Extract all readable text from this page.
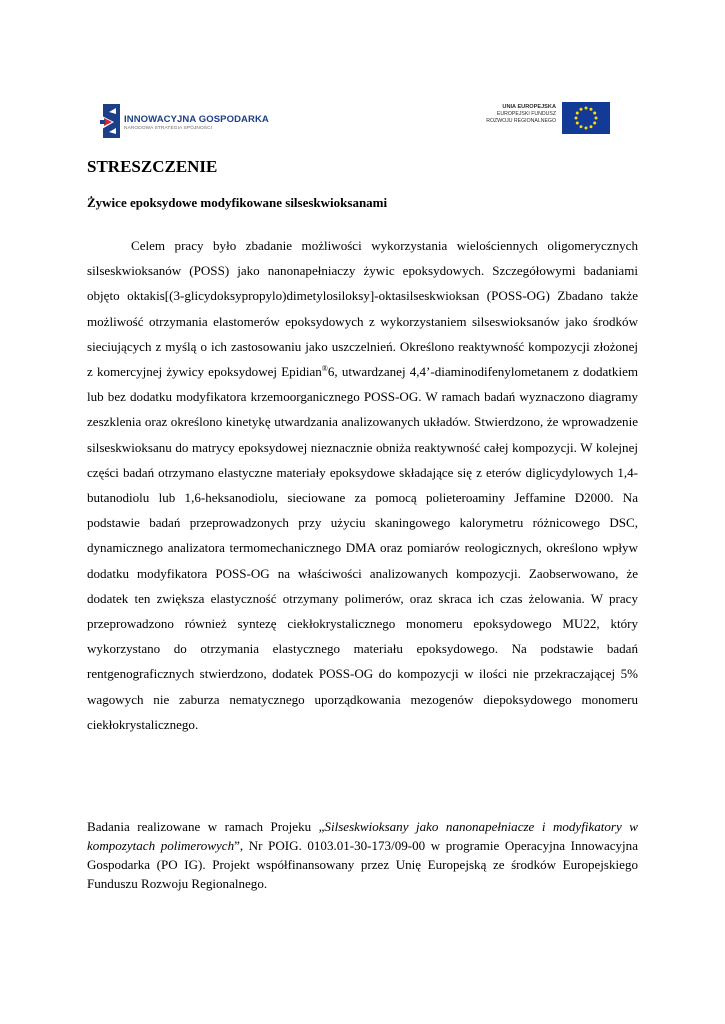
INNOWACYJNA GOSPODARKA
NARODOWA STRATEGIA SPÓJNOŚCI
UNIA EUROPEJSKA
EUROPEJSKI FUNDUSZ
ROZWOJU REGIONALNEGO
STRESZCZENIE
Żywice epoksydowe modyfikowane silseskwioksanami

Celem pracy było zbadanie możliwości wykorzystania wielościennych oligomerycznych silseskwioksanów (POSS) jako nanonapełniaczy żywic epoksydowych. Szczegółowymi badaniami objęto oktakis[(3-glicydoksypropylo)dimetylosiloksy]-oktasilseskwioksan (POSS-OG) Zbadano także możliwość otrzymania elastomerów epoksydowych z wykorzystaniem silseswioksanów jako środków sieciujących z myślą o ich zastosowaniu jako uszczelnień. Określono reaktywność kompozycji złożonej z komercyjnej żywicy epoksydowej Epidian®6, utwardzanej 4,4’-diaminodifenylometanem z dodatkiem lub bez dodatku modyfikatora krzemoorganicznego POSS-OG. W ramach badań wyznaczono diagramy zeszklenia oraz określono kinetykę utwardzania analizowanych układów. Stwierdzono, że wprowadzenie silseskwioksanu do matrycy epoksydowej nieznacznie obniża reaktywność całej kompozycji. W kolejnej części badań otrzymano elastyczne materiały epoksydowe składające się z eterów diglicydylowych 1,4-butanodiolu lub 1,6-heksanodiolu, sieciowane za pomocą polieteroaminy Jeffamine D2000. Na podstawie badań przeprowadzonych przy użyciu skaningowego kalorymetru różnicowego DSC, dynamicznego analizatora termomechanicznego DMA oraz pomiarów reologicznych, określono wpływ dodatku modyfikatora POSS-OG na właściwości analizowanych kompozycji. Zaobserwowano, że dodatek ten zwiększa elastyczność otrzymany polimerów, oraz skraca ich czas żelowania. W pracy przeprowadzono również syntezę ciekłokrystalicznego monomeru epoksydowego MU22, który wykorzystano do otrzymania elastycznego materiału epoksydowego. Na podstawie badań rentgenograficznych stwierdzono, dodatek POSS-OG do kompozycji w ilości nie przekraczającej 5% wagowych nie zaburza nematycznego uporządkowania mezogenów diepoksydowego monomeru ciekłokrystalicznego.

Badania realizowane w ramach Projeku „Silseskwioksany jako nanonapełniacze i modyfikatory w kompozytach polimerowych”, Nr POIG. 0103.01-30-173/09-00 w programie Operacyjna Innowacyjna Gospodarka (PO IG). Projekt współfinansowany przez Unię Europejską ze środków Europejskiego Funduszu Rozwoju Regionalnego.
